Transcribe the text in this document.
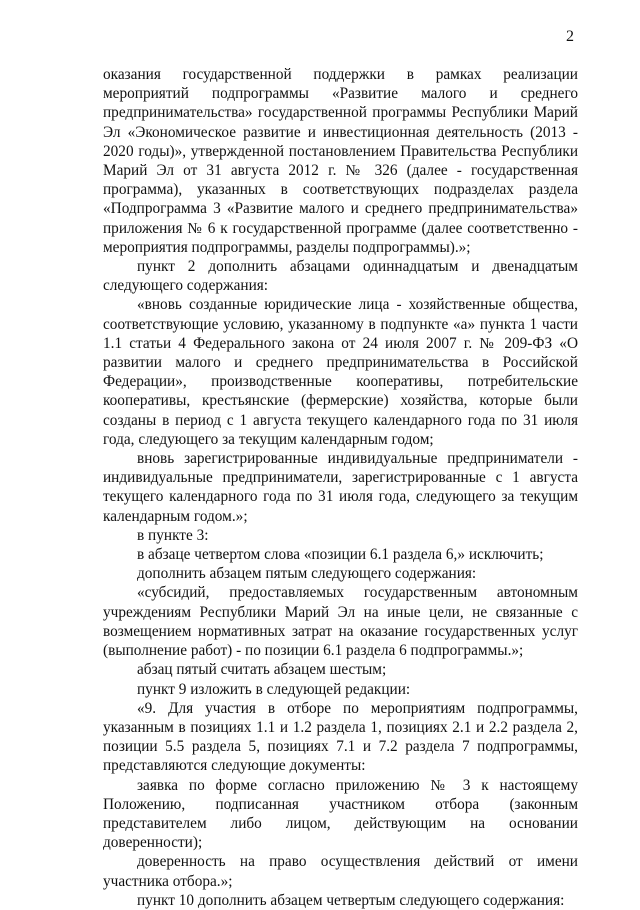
2

оказания государственной поддержки в рамках реализации мероприятий подпрограммы «Развитие малого и среднего предпринимательства» государственной программы Республики Марий Эл «Экономическое развитие и инвестиционная деятельность (2013 - 2020 годы)», утвержденной постановлением Правительства Республики Марий Эл от 31 августа 2012 г. № 326 (далее - государственная программа), указанных в соответствующих подразделах раздела «Подпрограмма 3 «Развитие малого и среднего предпринимательства» приложения № 6 к государственной программе (далее соответственно - мероприятия подпрограммы, разделы подпрограммы).»;

пункт 2 дополнить абзацами одиннадцатым и двенадцатым следующего содержания:

«вновь созданные юридические лица - хозяйственные общества, соответствующие условию, указанному в подпункте «а» пункта 1 части 1.1 статьи 4 Федерального закона от 24 июля 2007 г. № 209-ФЗ «О развитии малого и среднего предпринимательства в Российской Федерации», производственные кооперативы, потребительские кооперативы, крестьянские (фермерские) хозяйства, которые были созданы в период с 1 августа текущего календарного года по 31 июля года, следующего за текущим календарным годом;

вновь зарегистрированные индивидуальные предприниматели - индивидуальные предприниматели, зарегистрированные с 1 августа текущего календарного года по 31 июля года, следующего за текущим календарным годом.»;

в пункте 3:

в абзаце четвертом слова «позиции 6.1 раздела 6,» исключить;

дополнить абзацем пятым следующего содержания:

«субсидий, предоставляемых государственным автономным учреждениям Республики Марий Эл на иные цели, не связанные с возмещением нормативных затрат на оказание государственных услуг (выполнение работ) - по позиции 6.1 раздела 6 подпрограммы.»;

абзац пятый считать абзацем шестым;

пункт 9 изложить в следующей редакции:

«9. Для участия в отборе по мероприятиям подпрограммы, указанным в позициях 1.1 и 1.2 раздела 1, позициях 2.1 и 2.2 раздела 2, позиции 5.5 раздела 5, позициях 7.1 и 7.2 раздела 7 подпрограммы, представляются следующие документы:

заявка по форме согласно приложению № 3 к настоящему Положению, подписанная участником отбора (законным представителем либо лицом, действующим на основании доверенности);

доверенность на право осуществления действий от имени участника отбора.»;

пункт 10 дополнить абзацем четвертым следующего содержания:
